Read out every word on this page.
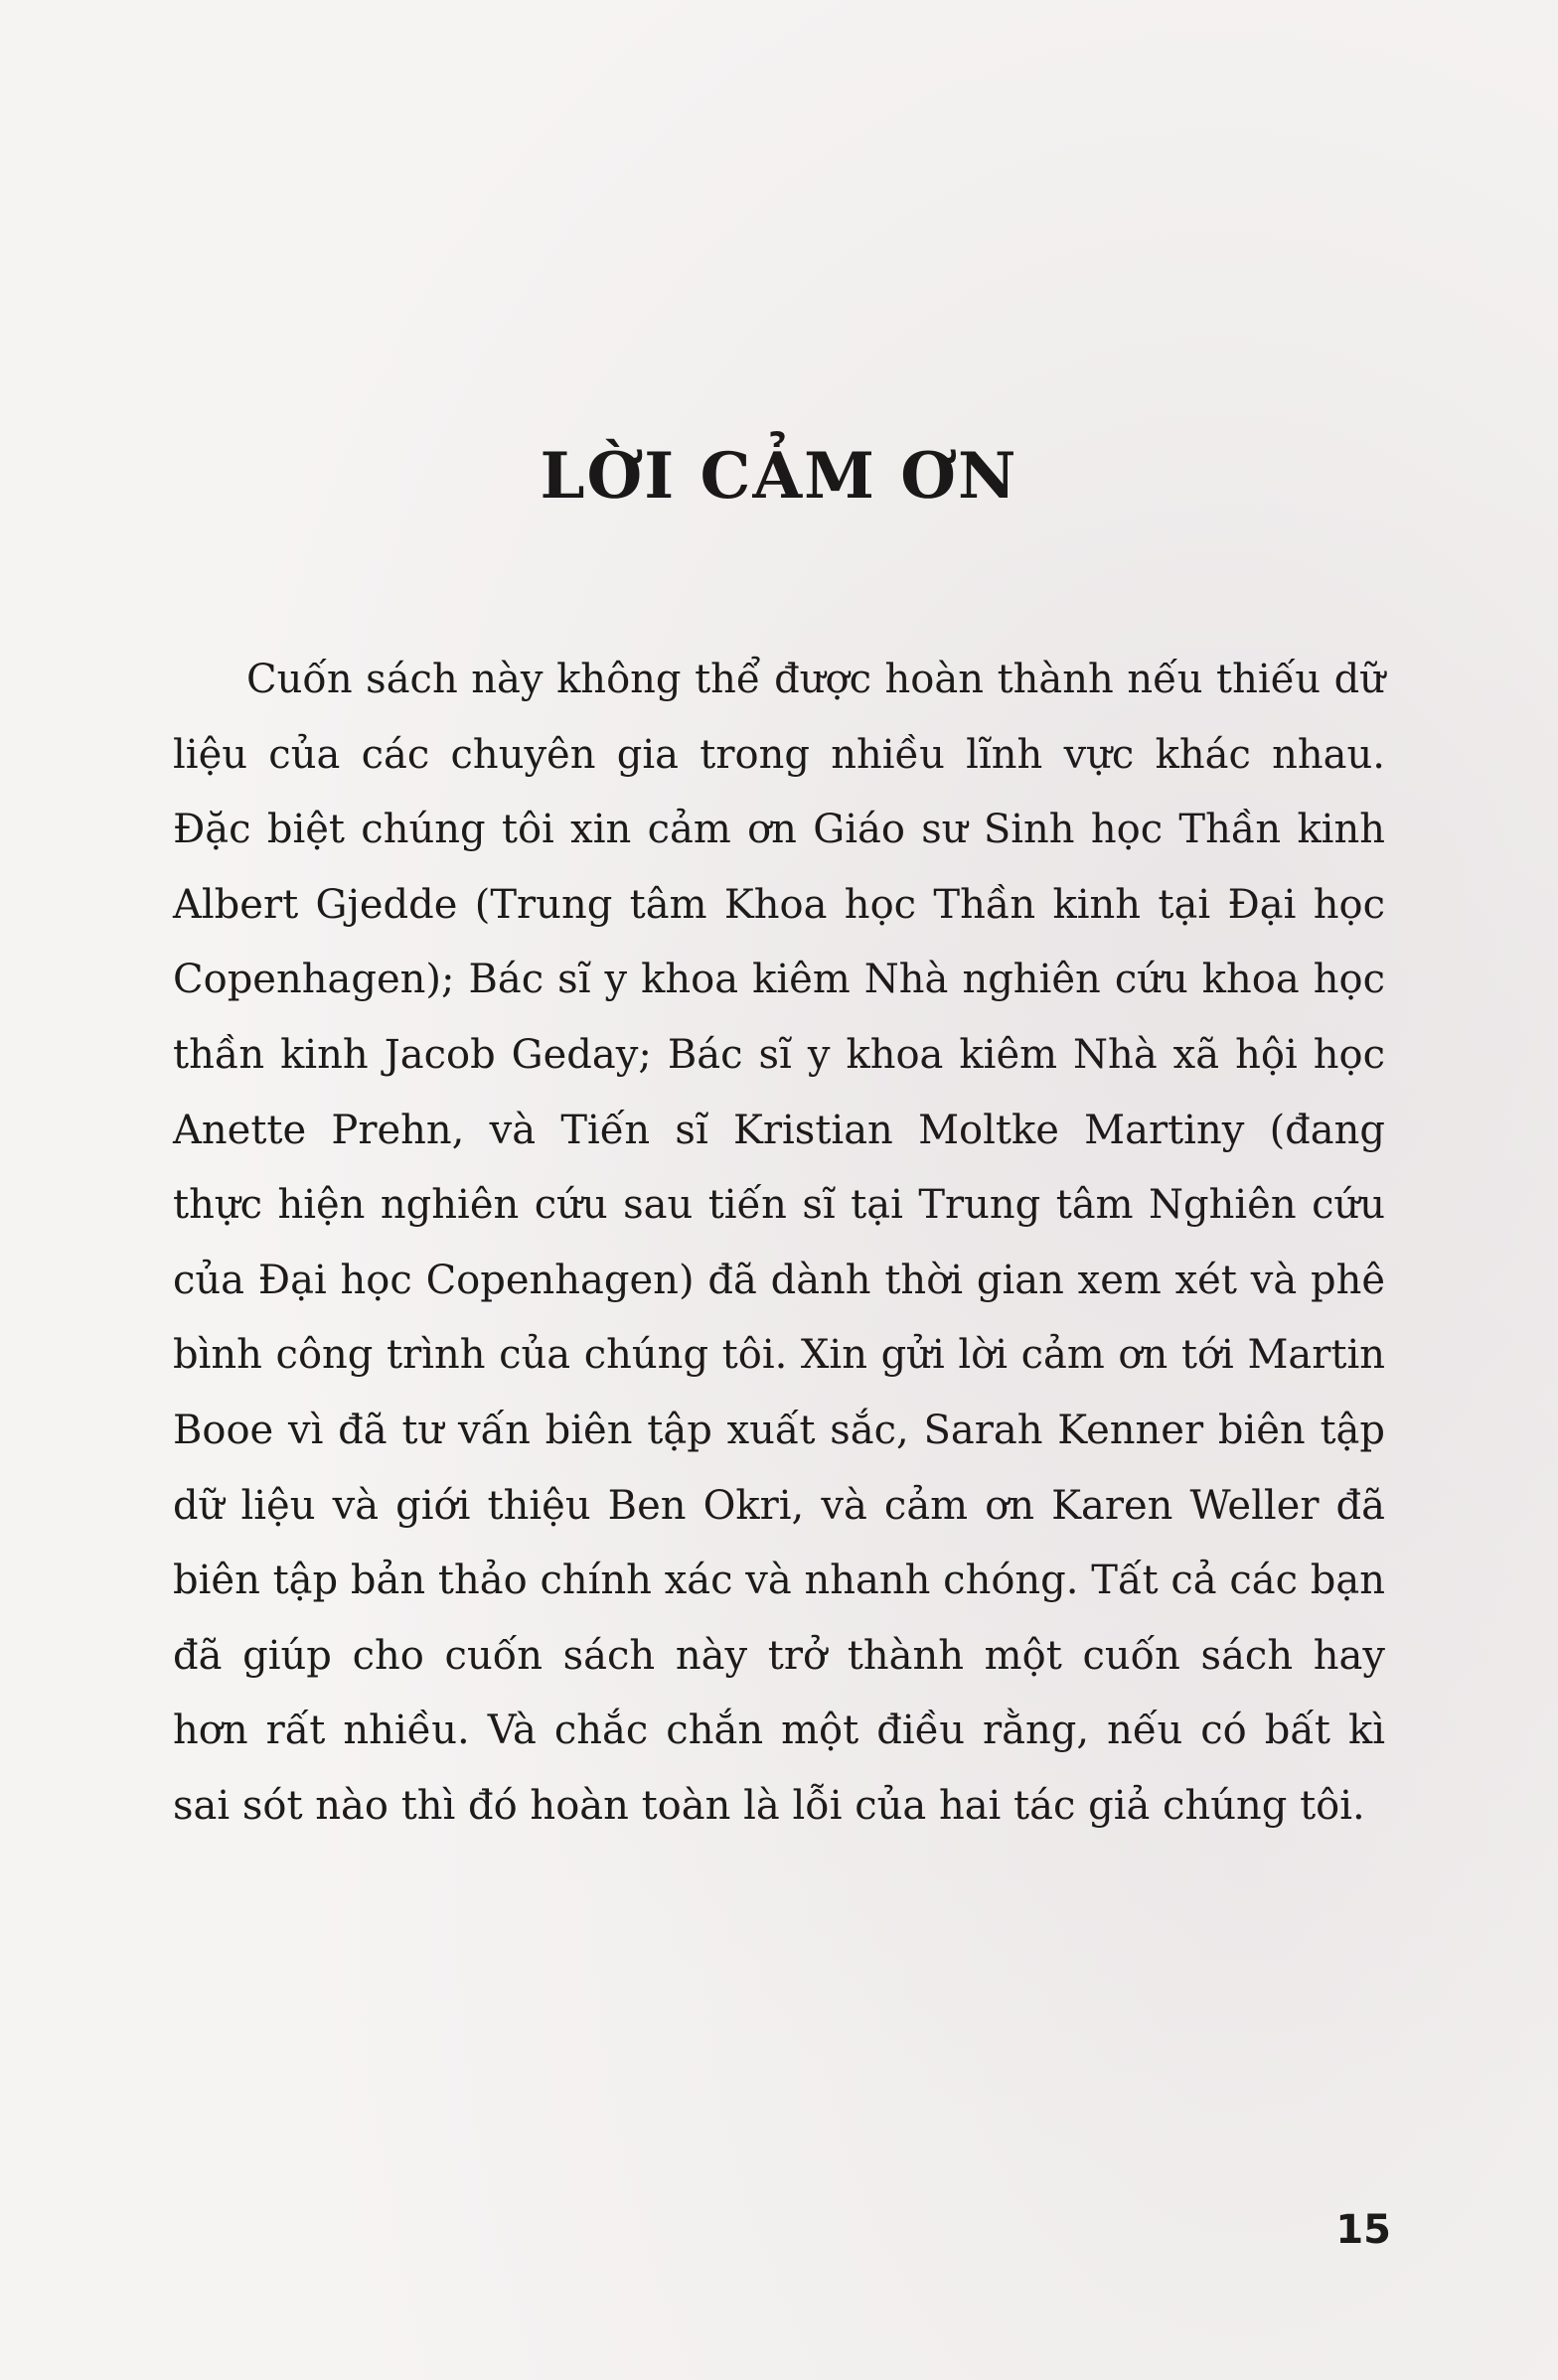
LỜI CẢM ƠN

Cuốn sách này không thể được hoàn thành nếu thiếu dữ liệu của các chuyên gia trong nhiều lĩnh vực khác nhau. Đặc biệt chúng tôi xin cảm ơn Giáo sư Sinh học Thần kinh Albert Gjedde (Trung tâm Khoa học Thần kinh tại Đại học Copenhagen); Bác sĩ y khoa kiêm Nhà nghiên cứu khoa học thần kinh Jacob Geday; Bác sĩ y khoa kiêm Nhà xã hội học Anette Prehn, và Tiến sĩ Kristian Moltke Martiny (đang thực hiện nghiên cứu sau tiến sĩ tại Trung tâm Nghiên cứu của Đại học Copenhagen) đã dành thời gian xem xét và phê bình công trình của chúng tôi. Xin gửi lời cảm ơn tới Martin Booe vì đã tư vấn biên tập xuất sắc, Sarah Kenner biên tập dữ liệu và giới thiệu Ben Okri, và cảm ơn Karen Weller đã biên tập bản thảo chính xác và nhanh chóng. Tất cả các bạn đã giúp cho cuốn sách này trở thành một cuốn sách hay hơn rất nhiều. Và chắc chắn một điều rằng, nếu có bất kì sai sót nào thì đó hoàn toàn là lỗi của hai tác giả chúng tôi.

15
